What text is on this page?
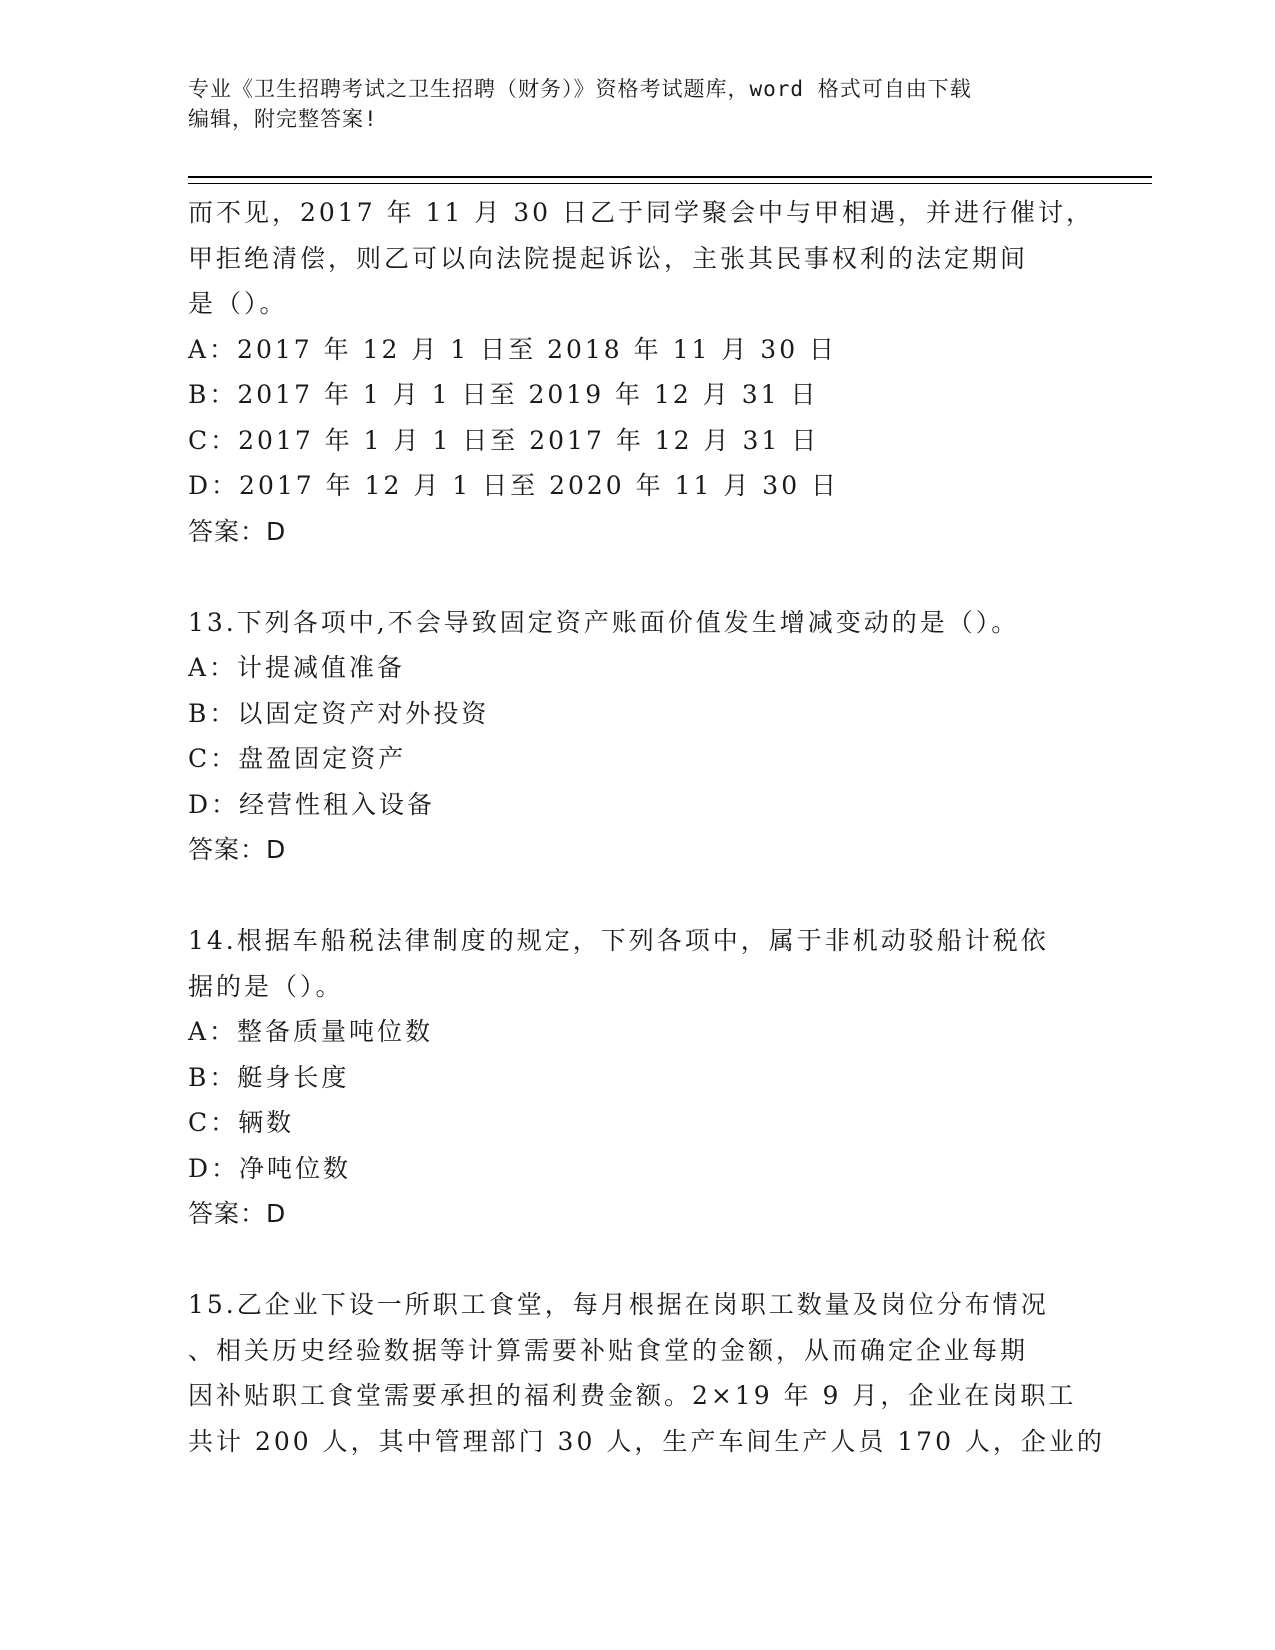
专业《卫生招聘考试之卫生招聘（财务）》资格考试题库，word 格式可自由下载
编辑，附完整答案!
而不见，2017 年 11 月 30 日乙于同学聚会中与甲相遇，并进行催讨，
甲拒绝清偿，则乙可以向法院提起诉讼，主张其民事权利的法定期间
是（）。
A：2017 年 12 月 1 日至 2018 年 11 月 30 日
B：2017 年 1 月 1 日至 2019 年 12 月 31 日
C：2017 年 1 月 1 日至 2017 年 12 月 31 日
D：2017 年 12 月 1 日至 2020 年 11 月 30 日
答案：D
13.下列各项中,不会导致固定资产账面价值发生增减变动的是（）。
A：计提减值准备
B：以固定资产对外投资
C：盘盈固定资产
D：经营性租入设备
答案：D
14.根据车船税法律制度的规定，下列各项中，属于非机动驳船计税依
据的是（）。
A：整备质量吨位数
B：艇身长度
C：辆数
D：净吨位数
答案：D
15.乙企业下设一所职工食堂，每月根据在岗职工数量及岗位分布情况
、相关历史经验数据等计算需要补贴食堂的金额，从而确定企业每期
因补贴职工食堂需要承担的福利费金额。2×19 年 9 月，企业在岗职工
共计 200 人，其中管理部门 30 人，生产车间生产人员 170 人，企业的
